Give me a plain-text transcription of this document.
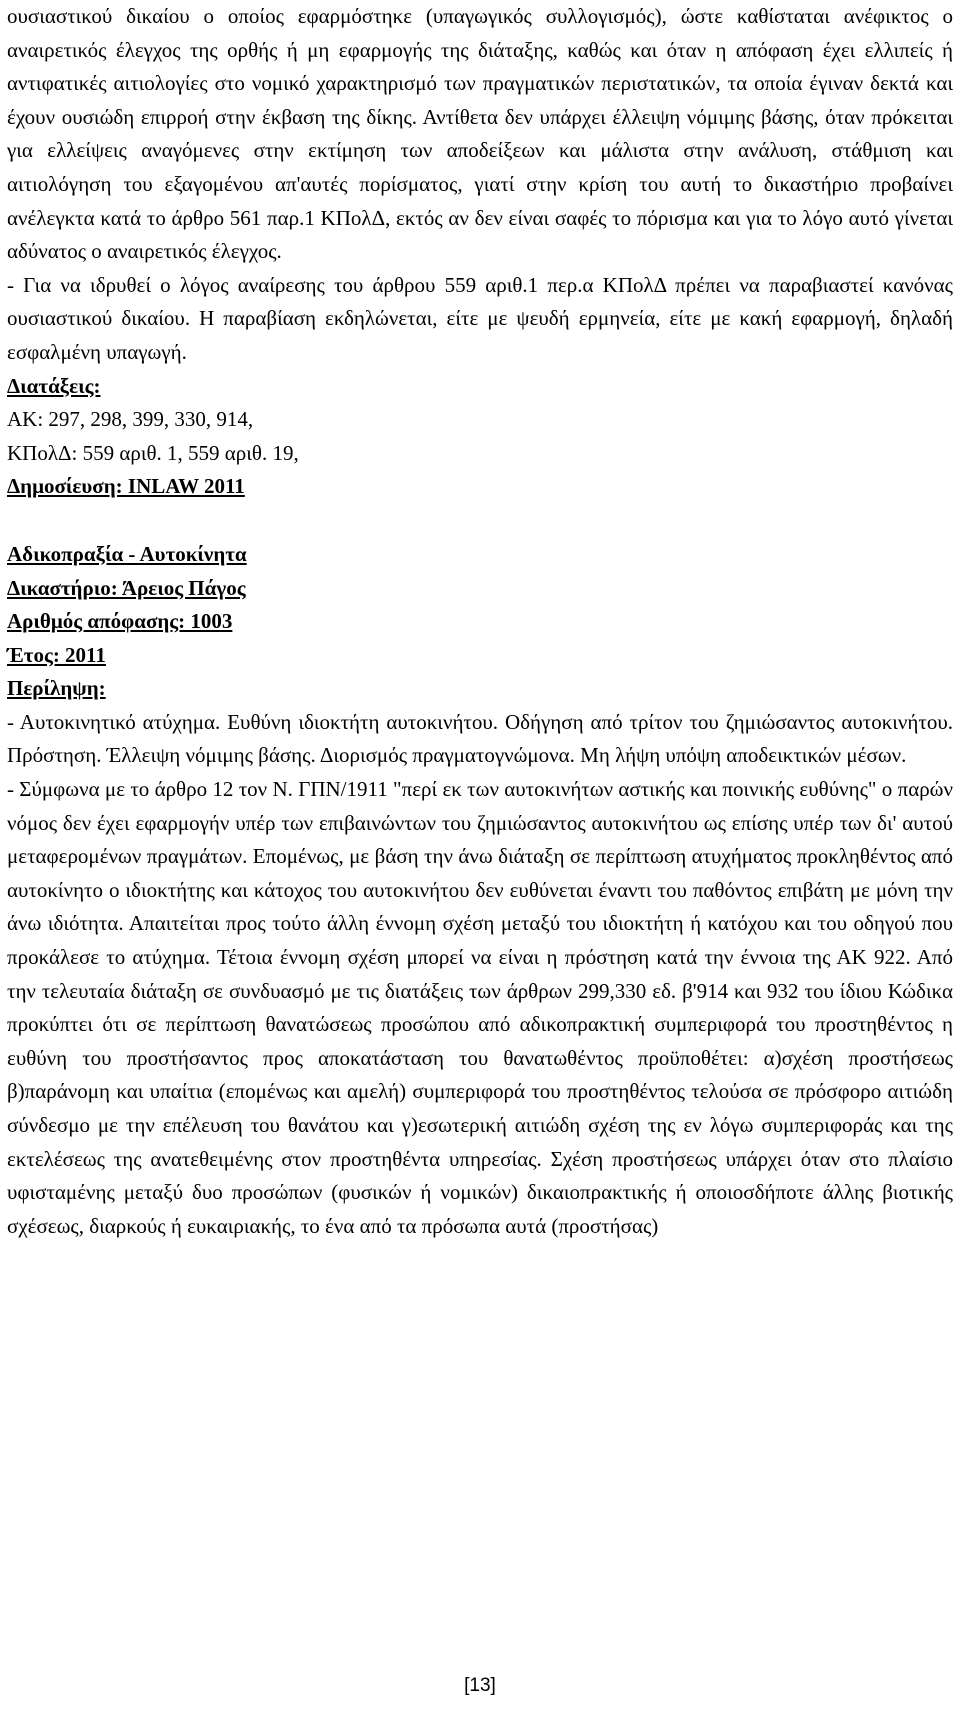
ουσιαστικού δικαίου ο οποίος εφαρμόστηκε (υπαγωγικός συλλογισμός), ώστε καθίσταται ανέφικτος ο αναιρετικός έλεγχος της ορθής ή μη εφαρμογής της διάταξης, καθώς και όταν η απόφαση έχει ελλιπείς ή αντιφατικές αιτιολογίες στο νομικό χαρακτηρισμό των πραγματικών περιστατικών, τα οποία έγιναν δεκτά και έχουν ουσιώδη επιρροή στην έκβαση της δίκης. Αντίθετα δεν υπάρχει έλλειψη νόμιμης βάσης, όταν πρόκειται για ελλείψεις αναγόμενες στην εκτίμηση των αποδείξεων και μάλιστα στην ανάλυση, στάθμιση και αιτιολόγηση του εξαγομένου απ'αυτές πορίσματος, γιατί στην κρίση του αυτή το δικαστήριο προβαίνει ανέλεγκτα κατά το άρθρο 561 παρ.1 ΚΠολΔ, εκτός αν δεν είναι σαφές το πόρισμα και για το λόγο αυτό γίνεται αδύνατος ο αναιρετικός έλεγχος.

- Για να ιδρυθεί ο λόγος αναίρεσης του άρθρου 559 αριθ.1 περ.α ΚΠολΔ πρέπει να παραβιαστεί κανόνας ουσιαστικού δικαίου. Η παραβίαση εκδηλώνεται, είτε με ψευδή ερμηνεία, είτε με κακή εφαρμογή, δηλαδή εσφαλμένη υπαγωγή.

Διατάξεις:

ΑΚ: 297, 298, 399, 330, 914,

ΚΠολΔ: 559 αριθ. 1, 559 αριθ. 19,

Δημοσίευση: INLAW 2011

Αδικοπραξία - Αυτοκίνητα

Δικαστήριο: Άρειος Πάγος

Αριθμός απόφασης: 1003

Έτος: 2011

Περίληψη:

- Αυτοκινητικό ατύχημα. Ευθύνη ιδιοκτήτη αυτοκινήτου. Οδήγηση από τρίτον του ζημιώσαντος αυτοκινήτου. Πρόστηση. Έλλειψη νόμιμης βάσης. Διορισμός πραγματογνώμονα. Μη λήψη υπόψη αποδεικτικών μέσων.

- Σύμφωνα με το άρθρο 12 τον Ν. ΓΠΝ/1911 "περί εκ των αυτοκινήτων αστικής και ποινικής ευθύνης" ο παρών νόμος δεν έχει εφαρμογήν υπέρ των επιβαινώντων του ζημιώσαντος αυτοκινήτου ως επίσης υπέρ των δι' αυτού μεταφερομένων πραγμάτων. Επομένως, με βάση την άνω διάταξη σε περίπτωση ατυχήματος προκληθέντος από αυτοκίνητο ο ιδιοκτήτης και κάτοχος του αυτοκινήτου δεν ευθύνεται έναντι του παθόντος επιβάτη με μόνη την άνω ιδιότητα. Απαιτείται προς τούτο άλλη έννομη σχέση μεταξύ του ιδιοκτήτη ή κατόχου και του οδηγού που προκάλεσε το ατύχημα. Τέτοια έννομη σχέση μπορεί να είναι η πρόστηση κατά την έννοια της ΑΚ 922. Από την τελευταία διάταξη σε συνδυασμό με τις διατάξεις των άρθρων 299,330 εδ. β'914 και 932 του ίδιου Κώδικα προκύπτει ότι σε περίπτωση θανατώσεως προσώπου από αδικοπρακτική συμπεριφορά του προστηθέντος η ευθύνη του προστήσαντος προς αποκατάσταση του θανατωθέντος προϋποθέτει: α)σχέση προστήσεως β)παράνομη και υπαίτια (επομένως και αμελή) συμπεριφορά του προστηθέντος τελούσα σε πρόσφορο αιτιώδη σύνδεσμο με την επέλευση του θανάτου και γ)εσωτερική αιτιώδη σχέση της εν λόγω συμπεριφοράς και της εκτελέσεως της ανατεθειμένης στον προστηθέντα υπηρεσίας. Σχέση προστήσεως υπάρχει όταν στο πλαίσιο υφισταμένης μεταξύ δυο προσώπων (φυσικών ή νομικών) δικαιοπρακτικής ή οποιοσδήποτε άλλης βιοτικής σχέσεως, διαρκούς ή ευκαιριακής, το ένα από τα πρόσωπα αυτά (προστήσας)

[13]
